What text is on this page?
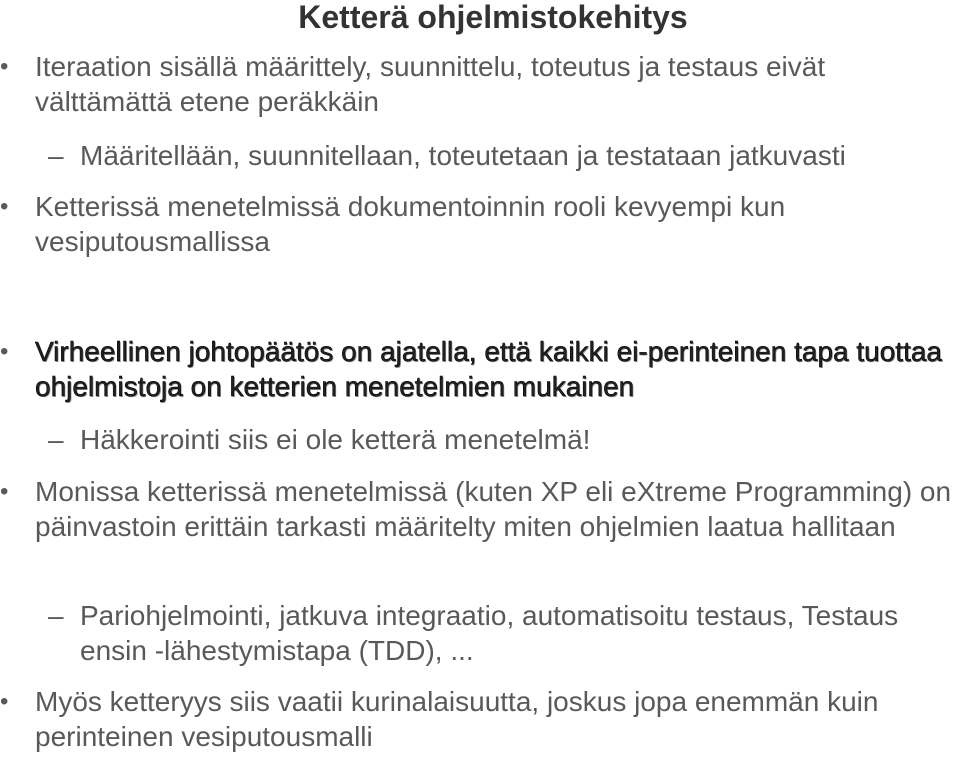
Ketterä ohjelmistokehitys
• Iteraation sisällä määrittely, suunnittelu, toteutus ja testaus eivät välttämättä etene peräkkäin
– Määritellään, suunnitellaan, toteutetaan ja testataan jatkuvasti
• Ketterissä menetelmissä dokumentoinnin rooli kevyempi kun vesiputousmallissa
• Virheellinen johtopäätös on ajatella, että kaikki ei-perinteinen tapa tuottaa ohjelmistoja on ketterien menetelmien mukainen
– Häkkerointi siis ei ole ketterä menetelmä!
• Monissa ketterissä menetelmissä (kuten XP eli eXtreme Programming) on päinvastoin erittäin tarkasti määritelty miten ohjelmien laatua hallitaan
– Pariohjelmointi, jatkuva integraatio, automatisoitu testaus, Testaus ensin -lähestymistapa (TDD), ...
• Myös ketteryys siis vaatii kurinalaisuutta, joskus jopa enemmän kuin perinteinen vesiputousmalli
